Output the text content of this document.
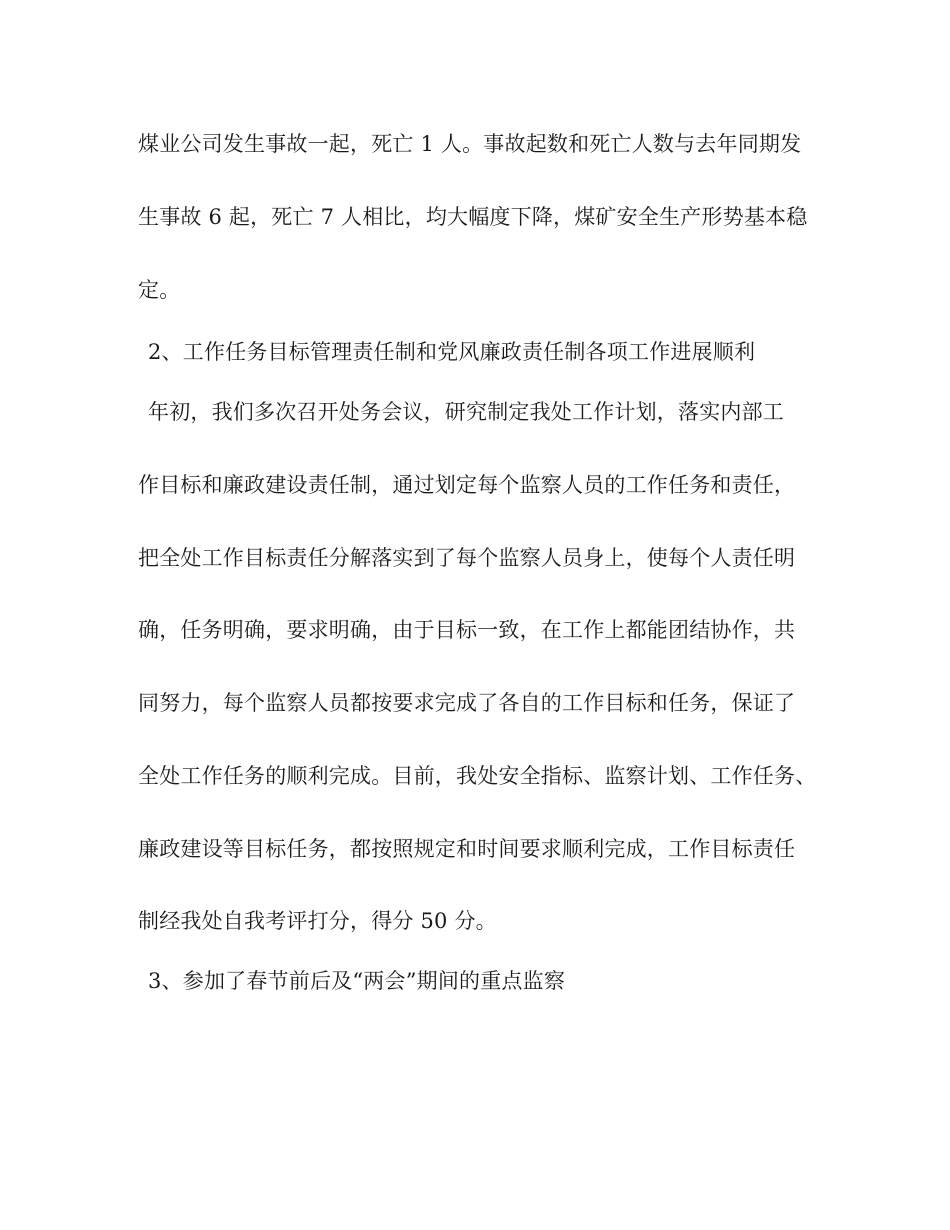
煤业公司发生事故一起，死亡 1 人。事故起数和死亡人数与去年同期发
生事故 6 起，死亡 7 人相比，均大幅度下降，煤矿安全生产形势基本稳
定。
2、工作任务目标管理责任制和党风廉政责任制各项工作进展顺利
年初，我们多次召开处务会议，研究制定我处工作计划，落实内部工
作目标和廉政建设责任制，通过划定每个监察人员的工作任务和责任，
把全处工作目标责任分解落实到了每个监察人员身上，使每个人责任明
确，任务明确，要求明确，由于目标一致，在工作上都能团结协作，共
同努力，每个监察人员都按要求完成了各自的工作目标和任务，保证了
全处工作任务的顺利完成。目前，我处安全指标、监察计划、工作任务、
廉政建设等目标任务，都按照规定和时间要求顺利完成，工作目标责任
制经我处自我考评打分，得分 50 分。
3、参加了春节前后及“两会”期间的重点监察
